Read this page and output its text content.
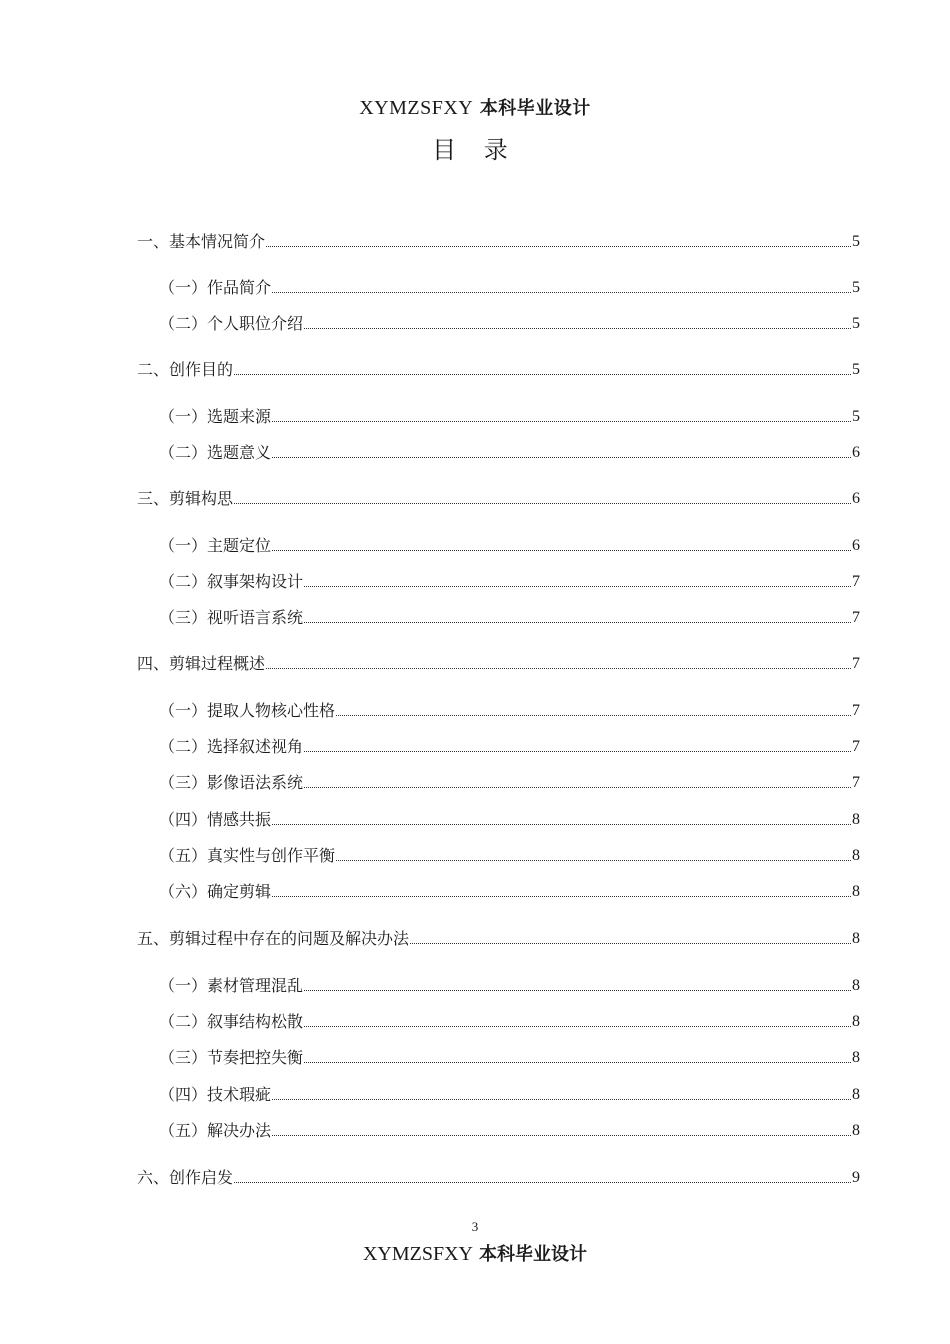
XYMZSFXY 本科毕业设计
目 录
一、基本情况简介	5
（一）作品简介	5
（二）个人职位介绍	5
二、创作目的	5
（一）选题来源	5
（二）选题意义	6
三、剪辑构思	6
（一）主题定位	6
（二）叙事架构设计	7
（三）视听语言系统	7
四、剪辑过程概述	7
（一）提取人物核心性格	7
（二）选择叙述视角	7
（三）影像语法系统	7
（四）情感共振	8
（五）真实性与创作平衡	8
（六）确定剪辑	8
五、剪辑过程中存在的问题及解决办法	8
（一）素材管理混乱	8
（二）叙事结构松散	8
（三）节奏把控失衡	8
（四）技术瑕疵	8
（五）解决办法	8
六、创作启发	9
3
XYMZSFXY 本科毕业设计
